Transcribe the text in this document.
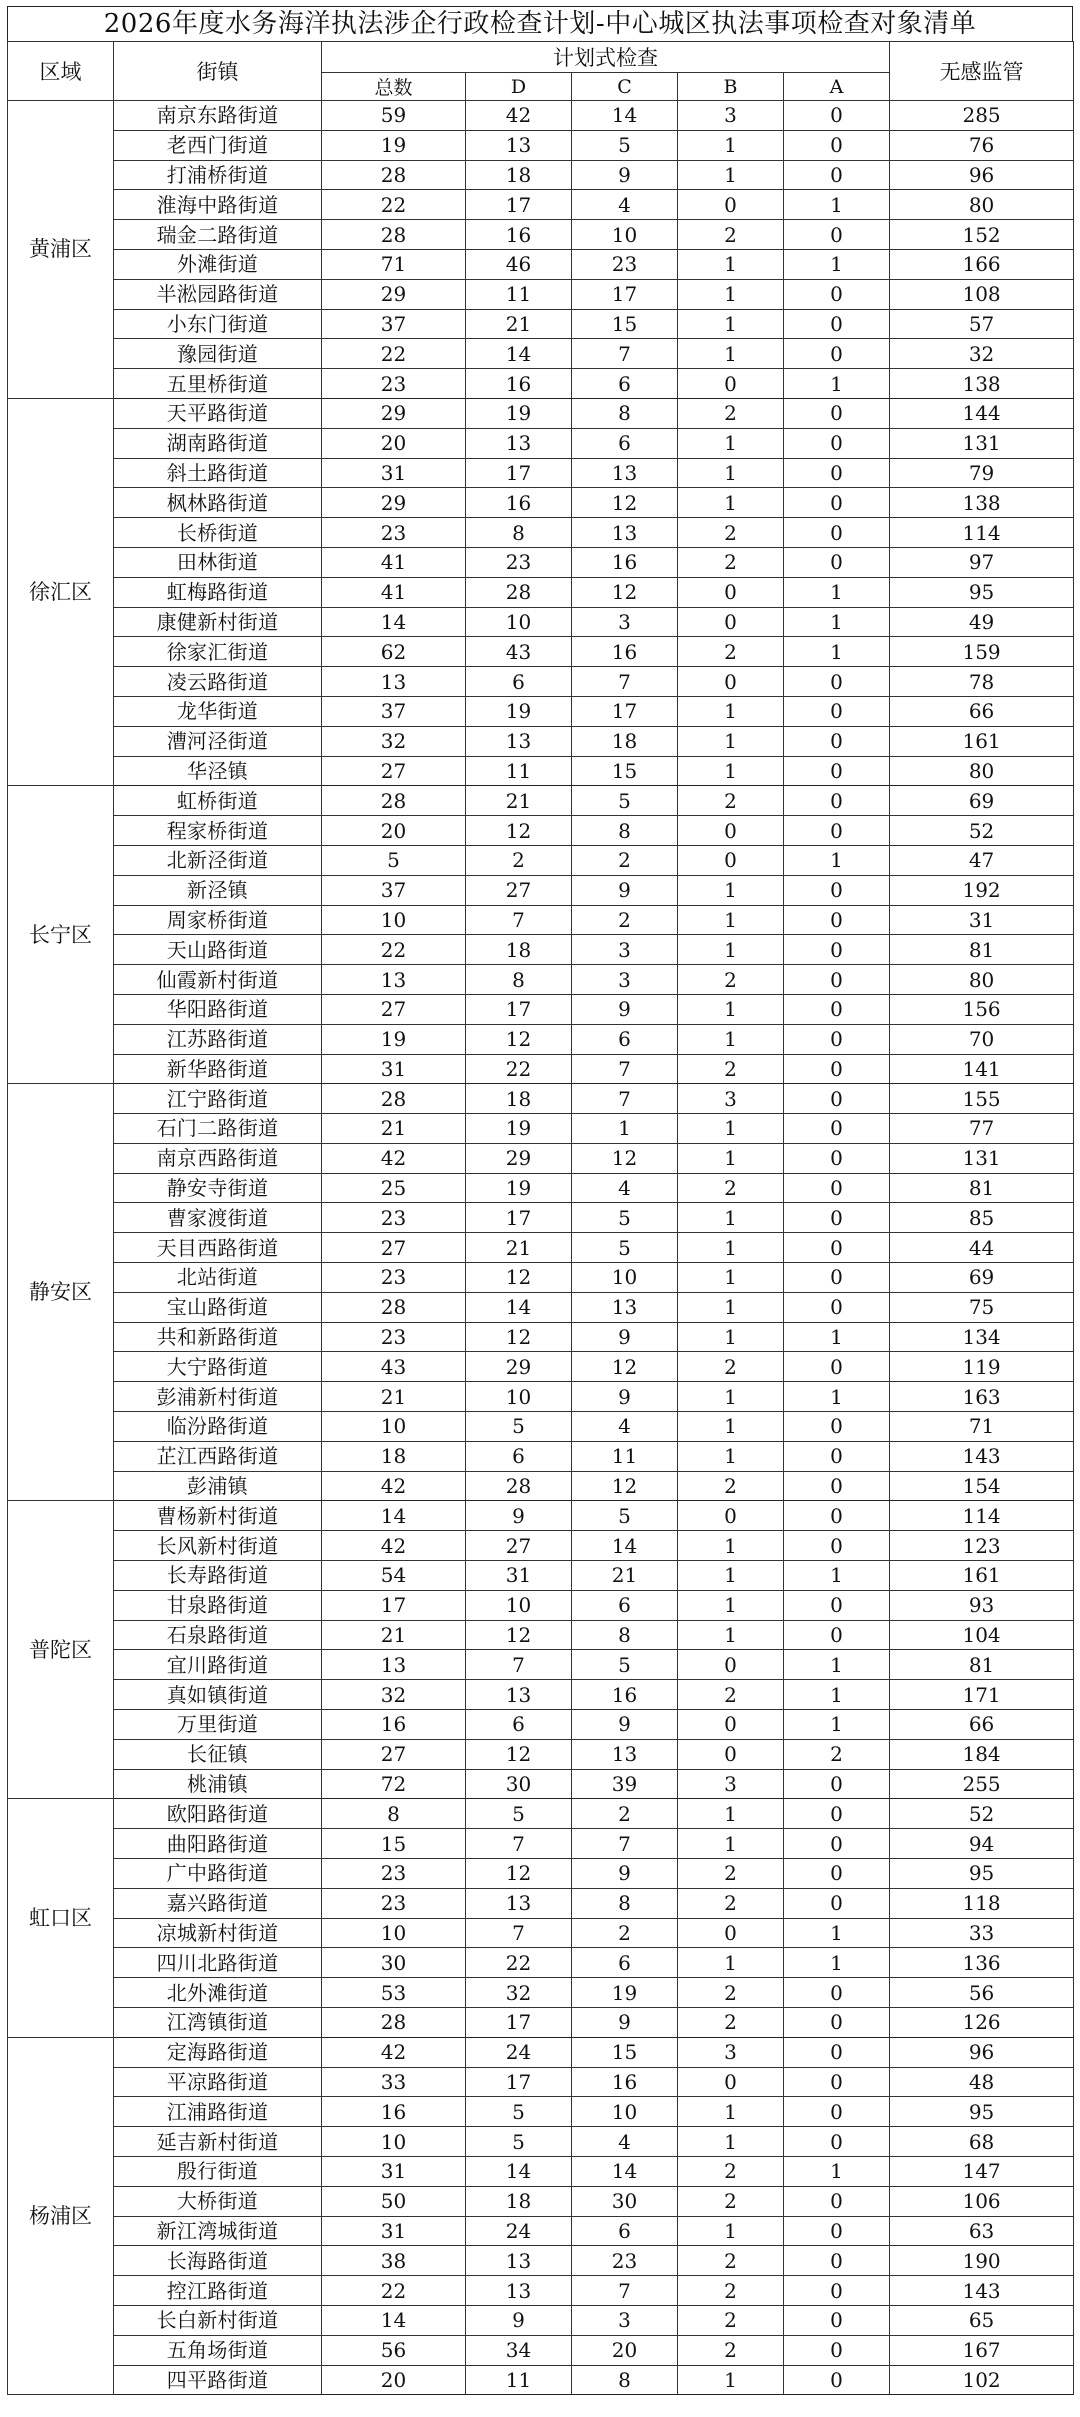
2026年度水务海洋执法涉企行政检查计划-中心城区执法事项检查对象清单
区域	街镇	计划式检查					无感监管
		总数	D	C	B	A	
黄浦区	南京东路街道	59	42	14	3	0	285
	老西门街道	19	13	5	1	0	76
	打浦桥街道	28	18	9	1	0	96
	淮海中路街道	22	17	4	0	1	80
	瑞金二路街道	28	16	10	2	0	152
	外滩街道	71	46	23	1	1	166
	半淞园路街道	29	11	17	1	0	108
	小东门街道	37	21	15	1	0	57
	豫园街道	22	14	7	1	0	32
	五里桥街道	23	16	6	0	1	138
徐汇区	天平路街道	29	19	8	2	0	144
	湖南路街道	20	13	6	1	0	131
	斜土路街道	31	17	13	1	0	79
	枫林路街道	29	16	12	1	0	138
	长桥街道	23	8	13	2	0	114
	田林街道	41	23	16	2	0	97
	虹梅路街道	41	28	12	0	1	95
	康健新村街道	14	10	3	0	1	49
	徐家汇街道	62	43	16	2	1	159
	凌云路街道	13	6	7	0	0	78
	龙华街道	37	19	17	1	0	66
	漕河泾街道	32	13	18	1	0	161
	华泾镇	27	11	15	1	0	80
长宁区	虹桥街道	28	21	5	2	0	69
	程家桥街道	20	12	8	0	0	52
	北新泾街道	5	2	2	0	1	47
	新泾镇	37	27	9	1	0	192
	周家桥街道	10	7	2	1	0	31
	天山路街道	22	18	3	1	0	81
	仙霞新村街道	13	8	3	2	0	80
	华阳路街道	27	17	9	1	0	156
	江苏路街道	19	12	6	1	0	70
	新华路街道	31	22	7	2	0	141
静安区	江宁路街道	28	18	7	3	0	155
	石门二路街道	21	19	1	1	0	77
	南京西路街道	42	29	12	1	0	131
	静安寺街道	25	19	4	2	0	81
	曹家渡街道	23	17	5	1	0	85
	天目西路街道	27	21	5	1	0	44
	北站街道	23	12	10	1	0	69
	宝山路街道	28	14	13	1	0	75
	共和新路街道	23	12	9	1	1	134
	大宁路街道	43	29	12	2	0	119
	彭浦新村街道	21	10	9	1	1	163
	临汾路街道	10	5	4	1	0	71
	芷江西路街道	18	6	11	1	0	143
	彭浦镇	42	28	12	2	0	154
普陀区	曹杨新村街道	14	9	5	0	0	114
	长风新村街道	42	27	14	1	0	123
	长寿路街道	54	31	21	1	1	161
	甘泉路街道	17	10	6	1	0	93
	石泉路街道	21	12	8	1	0	104
	宜川路街道	13	7	5	0	1	81
	真如镇街道	32	13	16	2	1	171
	万里街道	16	6	9	0	1	66
	长征镇	27	12	13	0	2	184
	桃浦镇	72	30	39	3	0	255
虹口区	欧阳路街道	8	5	2	1	0	52
	曲阳路街道	15	7	7	1	0	94
	广中路街道	23	12	9	2	0	95
	嘉兴路街道	23	13	8	2	0	118
	凉城新村街道	10	7	2	0	1	33
	四川北路街道	30	22	6	1	1	136
	北外滩街道	53	32	19	2	0	56
	江湾镇街道	28	17	9	2	0	126
杨浦区	定海路街道	42	24	15	3	0	96
	平凉路街道	33	17	16	0	0	48
	江浦路街道	16	5	10	1	0	95
	延吉新村街道	10	5	4	1	0	68
	殷行街道	31	14	14	2	1	147
	大桥街道	50	18	30	2	0	106
	新江湾城街道	31	24	6	1	0	63
	长海路街道	38	13	23	2	0	190
	控江路街道	22	13	7	2	0	143
	长白新村街道	14	9	3	2	0	65
	五角场街道	56	34	20	2	0	167
	四平路街道	20	11	8	1	0	102
